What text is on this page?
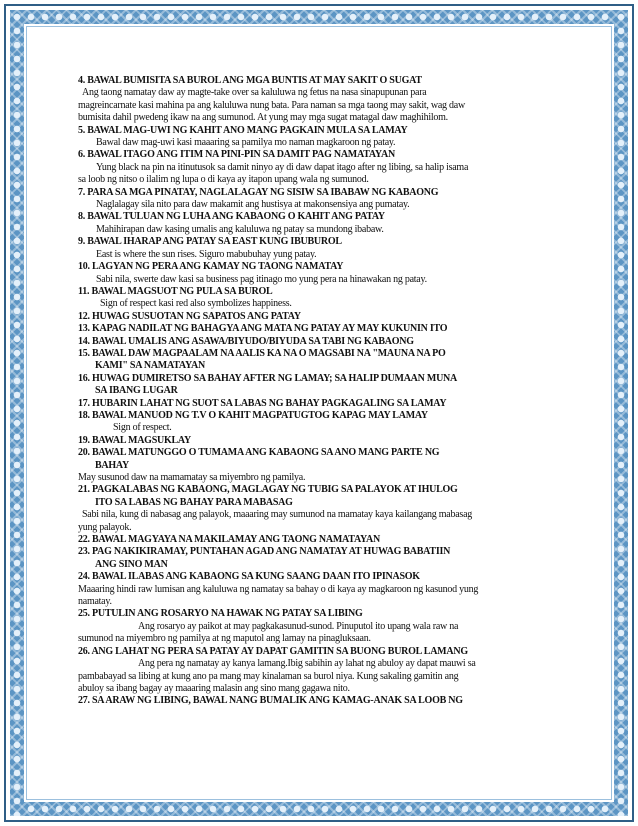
4. BAWAL BUMISITA SA BUROL ANG MGA BUNTIS AT MAY SAKIT O SUGAT

Ang taong namatay daw ay magte-take over sa kaluluwa ng fetus na nasa sinapupunan para

magreincarnate kasi mahina pa ang kaluluwa nung bata. Para naman sa mga taong may sakit, wag daw

bumisita dahil pwedeng ikaw na ang sumunod. At yung may mga sugat matagal daw maghihilom.

5. BAWAL MAG-UWI NG KAHIT ANO MANG PAGKAIN MULA SA LAMAY

Bawal daw mag-uwi kasi maaaring sa pamilya mo naman magkaroon ng patay.

6. BAWAL ITAGO ANG ITIM NA PINI-PIN SA DAMIT PAG NAMATAYAN

Yung black na pin na itinutusok sa damit ninyo ay di daw dapat itago after ng libing, sa halip isama

sa loob ng nitso o ilalim ng lupa o di kaya ay itapon upang wala ng sumunod.

7. PARA SA MGA PINATAY, NAGLALAGAY NG SISIW SA IBABAW NG KABAONG

Naglalagay sila nito para daw makamit ang hustisya at makonsensiya ang pumatay.

8. BAWAL TULUAN NG LUHA ANG KABAONG O KAHIT ANG PATAY

Mahihirapan daw kasing umalis ang kaluluwa ng patay sa mundong ibabaw.

9. BAWAL IHARAP ANG PATAY SA EAST KUNG IBUBUROL

East is where the sun rises. Siguro mabubuhay yung patay.

10. LAGYAN NG PERA ANG KAMAY NG TAONG NAMATAY

Sabi nila, swerte daw kasi sa business pag itinago mo yung pera na hinawakan ng patay.

11. BAWAL MAGSUOT NG PULA SA BUROL

Sign of respect kasi red also symbolizes happiness.

12. HUWAG SUSUOTAN NG SAPATOS ANG PATAY

13. KAPAG NADILAT NG BAHAGYA ANG MATA NG PATAY AY MAY KUKUNIN ITO

14. BAWAL UMALIS ANG ASAWA/BIYUDO/BIYUDA SA TABI NG KABAONG

15. BAWAL DAW MAGPAALAM NA AALIS KA NA O MAGSABI NA "MAUNA NA PO
KAMI" SA NAMATAYAN

16. HUWAG DUMIRETSO SA BAHAY AFTER NG LAMAY; SA HALIP DUMAAN MUNA
SA IBANG LUGAR

17. HUBARIN LAHAT NG SUOT SA LABAS NG BAHAY PAGKAGALING SA LAMAY

18. BAWAL MANUOD NG T.V O KAHIT MAGPATUGTOG KAPAG MAY LAMAY

Sign of respect.

19. BAWAL MAGSUKLAY

20. BAWAL MATUNGGO O TUMAMA ANG KABAONG SA ANO MANG PARTE NG
BAHAY

May susunod daw na mamamatay sa miyembro ng pamilya.

21. PAGKALABAS NG KABAONG, MAGLAGAY NG TUBIG SA PALAYOK AT IHULOG
ITO SA LABAS NG BAHAY PARA MABASAG

Sabi nila, kung di nabasag ang palayok, maaaring may sumunod na mamatay kaya kailangang mabasag

yung palayok.

22. BAWAL MAGYAYA NA MAKILAMAY ANG TAONG NAMATAYAN

23. PAG NAKIKIRAMAY, PUNTAHAN AGAD ANG NAMATAY AT HUWAG BABATIIN
ANG SINO MAN

24. BAWAL ILABAS ANG KABAONG SA KUNG SAANG DAAN ITO IPINASOK

Maaaring hindi raw lumisan ang kaluluwa ng namatay sa bahay o di kaya ay magkaroon ng kasunod yung

namatay.

25. PUTULIN ANG ROSARYO NA HAWAK NG PATAY SA LIBING

Ang rosaryo ay paikot at may pagkakasunud-sunod. Pinuputol ito upang wala raw na

sumunod na miyembro ng pamilya at ng maputol ang lamay na pinagluksaan.

26. ANG LAHAT NG PERA SA PATAY AY DAPAT GAMITIN SA BUONG BUROL LAMANG

Ang pera ng namatay ay kanya lamang.Ibig sabihin ay lahat ng abuloy ay dapat mauwi sa

pambabayad sa libing at kung ano pa mang may kinalaman sa burol niya. Kung sakaling gamitin ang

abuloy sa ibang bagay ay maaaring malasin ang sino mang gagawa nito.

27. SA ARAW NG LIBING, BAWAL NANG BUMALIK ANG KAMAG-ANAK SA LOOB NG
